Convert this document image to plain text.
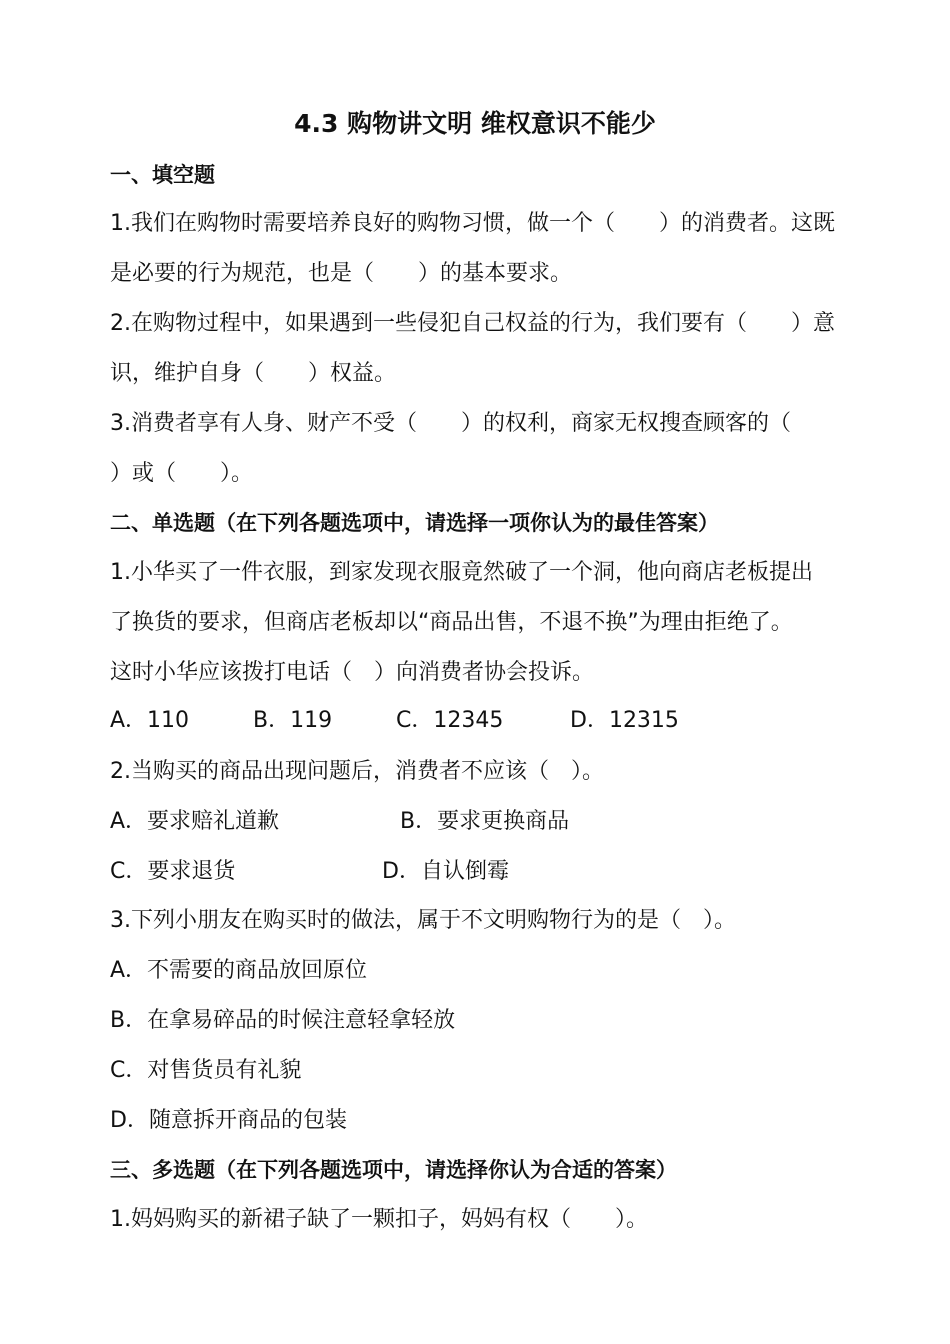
4.3 购物讲文明 维权意识不能少
一、填空题
1.我们在购物时需要培养良好的购物习惯，做一个（　　）的消费者。这既
是必要的行为规范，也是（　　）的基本要求。
2.在购物过程中，如果遇到一些侵犯自己权益的行为，我们要有（　　）意
识，维护自身（　　）权益。
3.消费者享有人身、财产不受（　　）的权利，商家无权搜查顾客的（
）或（　　）。
二、单选题（在下列各题选项中，请选择一项你认为的最佳答案）
1.小华买了一件衣服，到家发现衣服竟然破了一个洞，他向商店老板提出
了换货的要求，但商店老板却以“商品出售，不退不换”为理由拒绝了。
这时小华应该拨打电话（　）向消费者协会投诉。
A．110	B．119	C．12345	D．12315
2.当购买的商品出现问题后，消费者不应该（　）。
A．要求赔礼道歉	B．要求更换商品
C．要求退货	D．自认倒霉
3.下列小朋友在购买时的做法，属于不文明购物行为的是（　）。
A．不需要的商品放回原位
B．在拿易碎品的时候注意轻拿轻放
C．对售货员有礼貌
D．随意拆开商品的包装
三、多选题（在下列各题选项中，请选择你认为合适的答案）
1.妈妈购买的新裙子缺了一颗扣子，妈妈有权（　　）。
